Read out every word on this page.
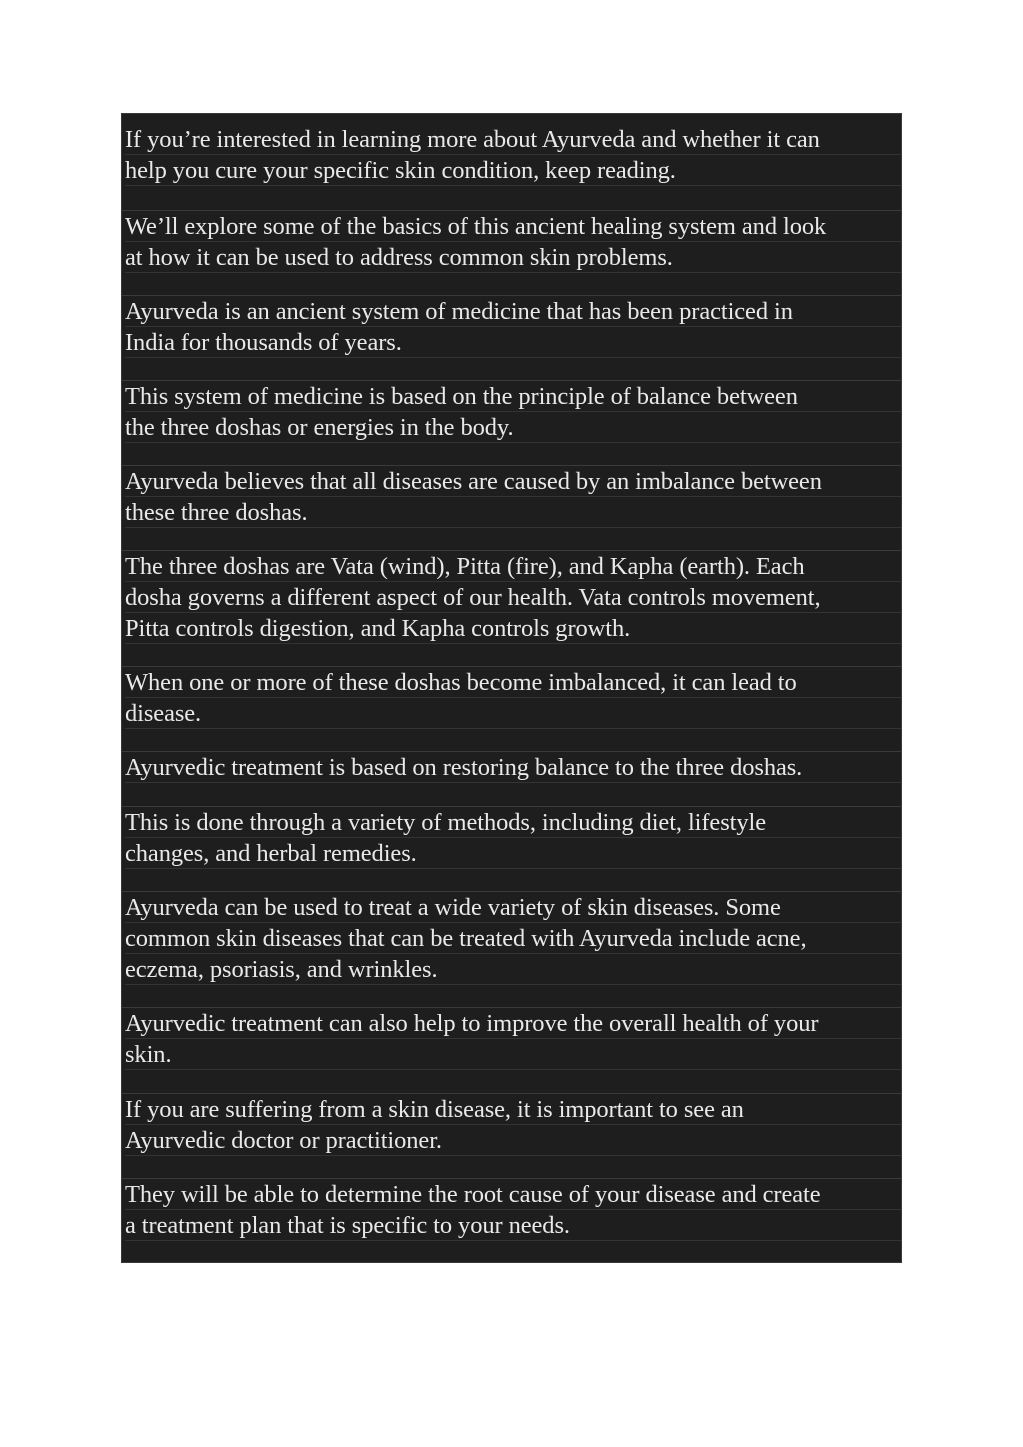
If you’re interested in learning more about Ayurveda and whether it can
help you cure your specific skin condition, keep reading.
We’ll explore some of the basics of this ancient healing system and look
at how it can be used to address common skin problems.
Ayurveda is an ancient system of medicine that has been practiced in
India for thousands of years.
This system of medicine is based on the principle of balance between
the three doshas or energies in the body.
Ayurveda believes that all diseases are caused by an imbalance between
these three doshas.
The three doshas are Vata (wind), Pitta (fire), and Kapha (earth). Each
dosha governs a different aspect of our health. Vata controls movement,
Pitta controls digestion, and Kapha controls growth.
When one or more of these doshas become imbalanced, it can lead to
disease.
Ayurvedic treatment is based on restoring balance to the three doshas.
This is done through a variety of methods, including diet, lifestyle
changes, and herbal remedies.
Ayurveda can be used to treat a wide variety of skin diseases. Some
common skin diseases that can be treated with Ayurveda include acne,
eczema, psoriasis, and wrinkles.
Ayurvedic treatment can also help to improve the overall health of your
skin.
If you are suffering from a skin disease, it is important to see an
Ayurvedic doctor or practitioner.
They will be able to determine the root cause of your disease and create
a treatment plan that is specific to your needs.
